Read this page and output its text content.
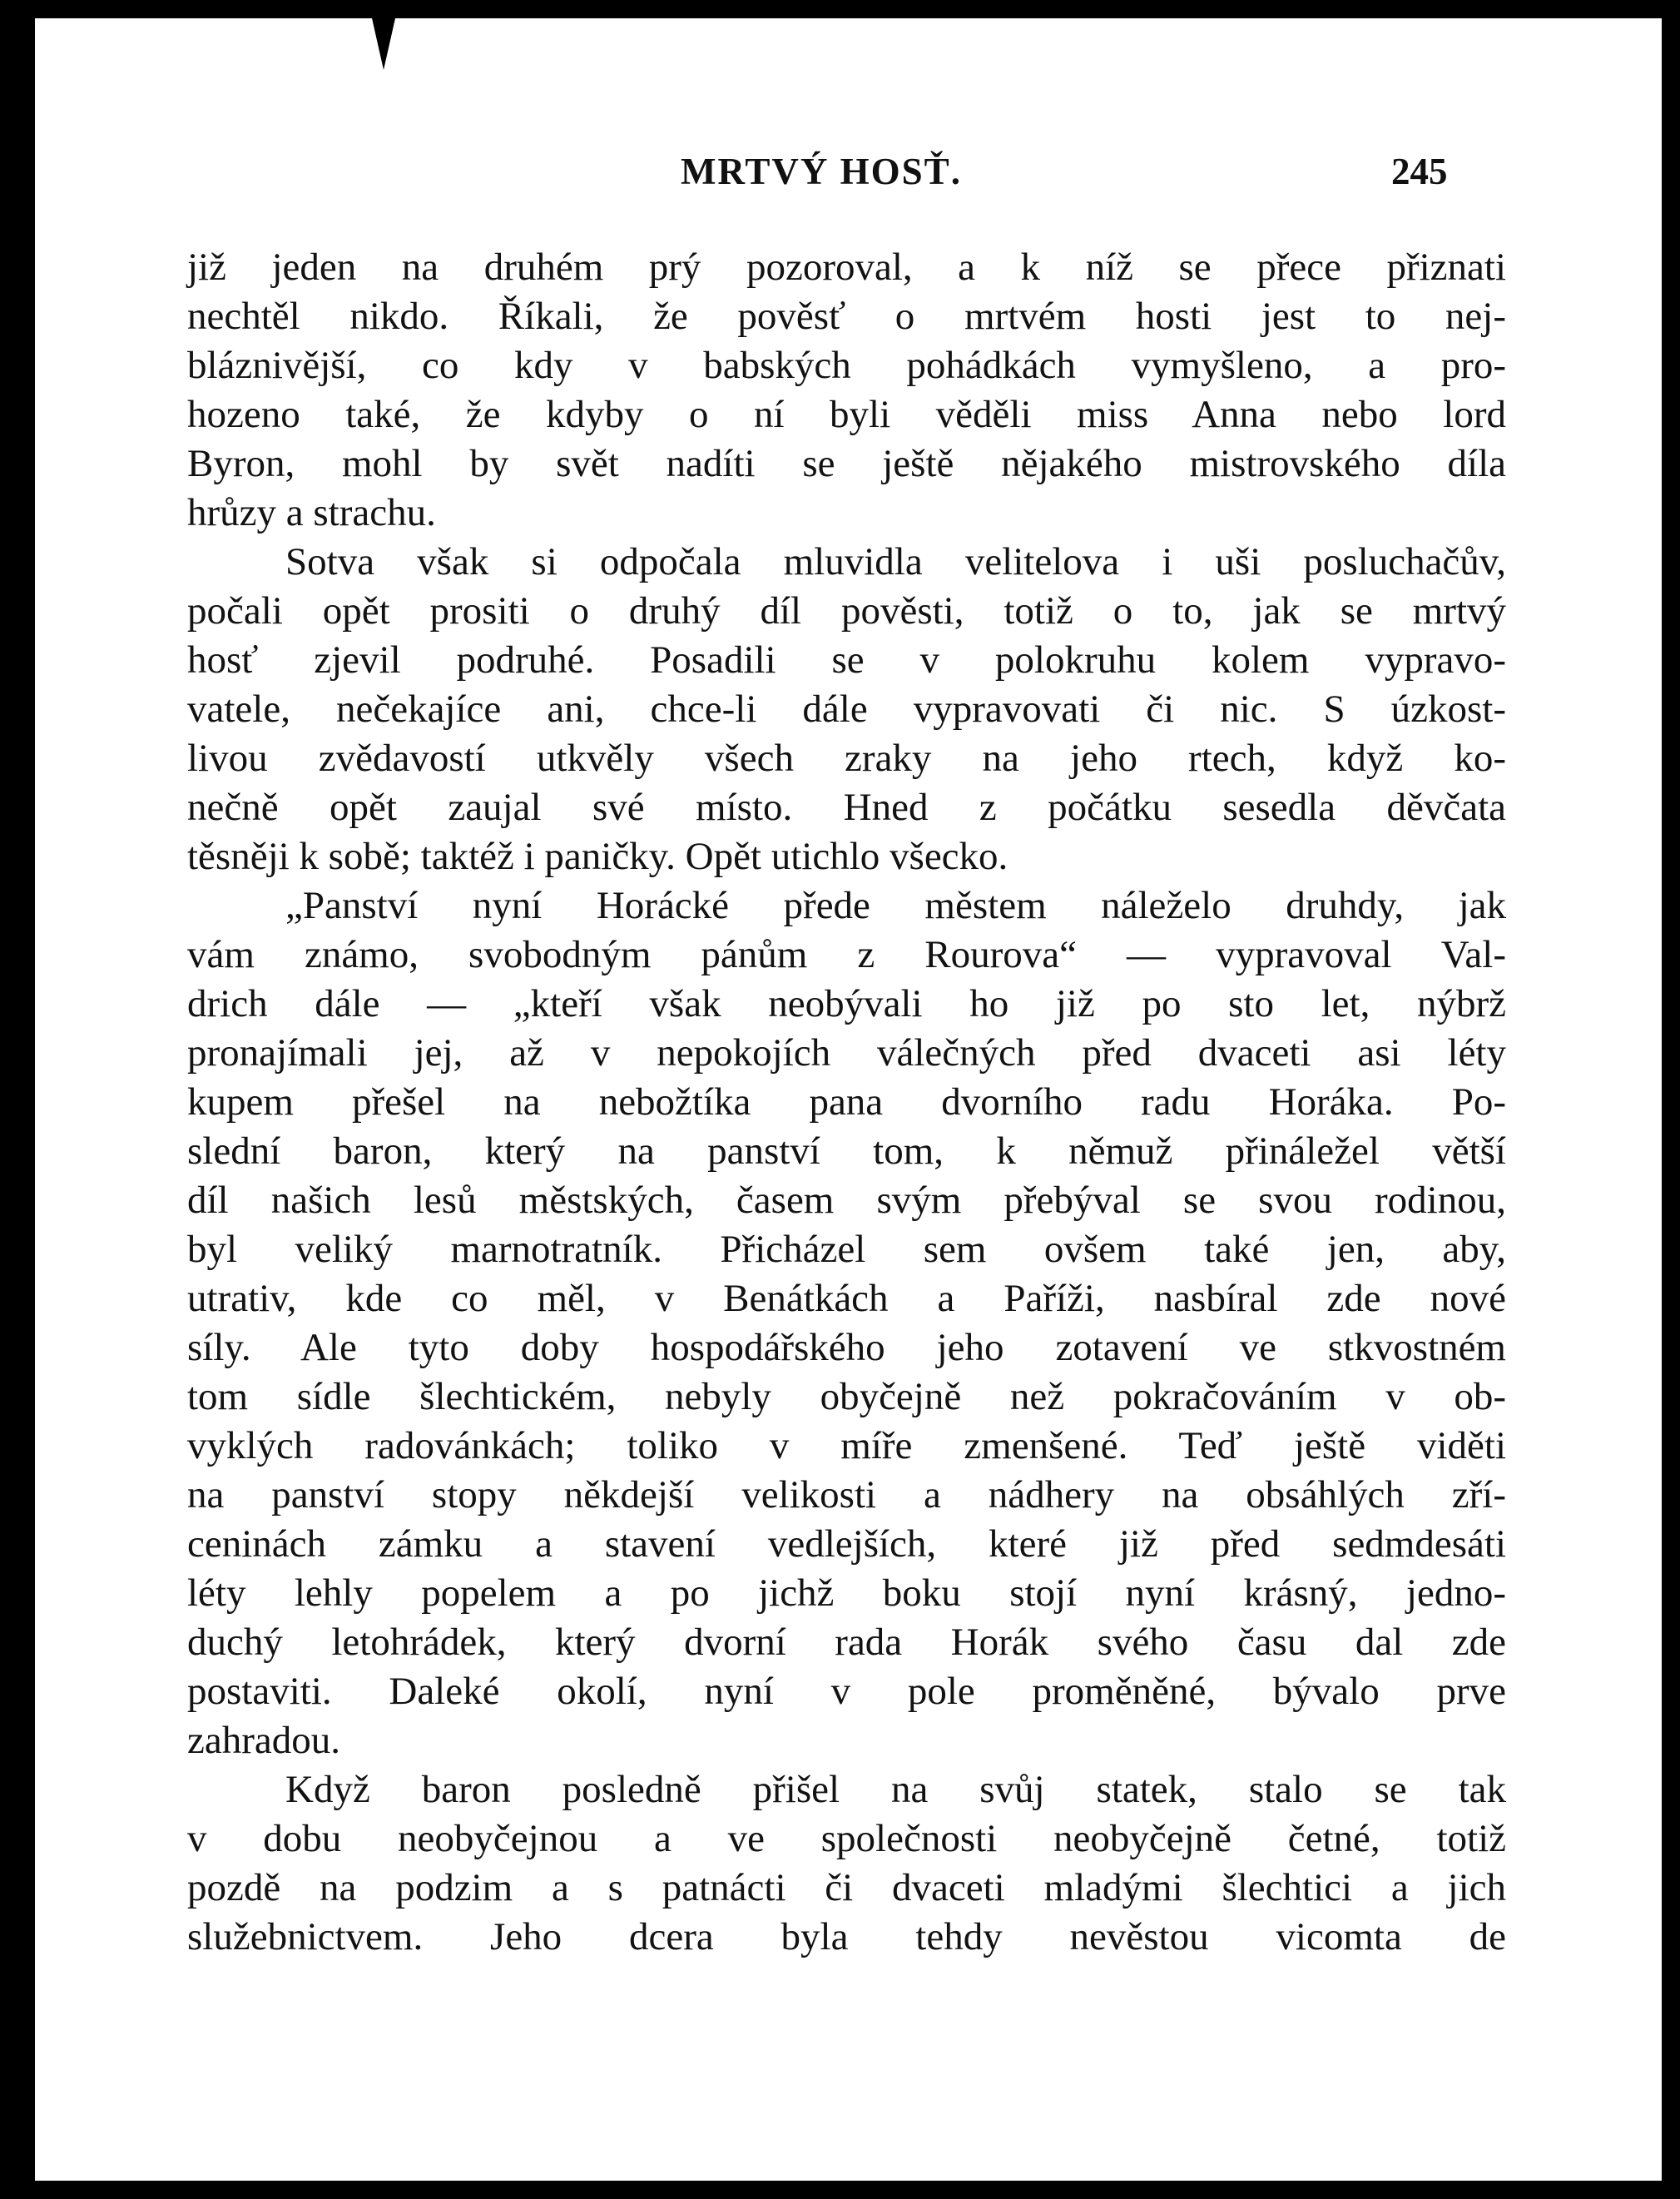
MRTVÝ HOSŤ.	245
již jeden na druhém prý pozoroval, a k níž se přece přiznati
nechtěl nikdo. Říkali, že pověsť o mrtvém hosti jest to nej-
bláznivější, co kdy v babských pohádkách vymyšleno, a pro-
hozeno také, že kdyby o ní byli věděli miss Anna nebo lord
Byron, mohl by svět nadíti se ještě nějakého mistrovského díla
hrůzy a strachu.
Sotva však si odpočala mluvidla velitelova i uši posluchačův,
počali opět prositi o druhý díl pověsti, totiž o to, jak se mrtvý
hosť zjevil podruhé. Posadili se v polokruhu kolem vypravo-
vatele, nečekajíce ani, chce-li dále vypravovati či nic. S úzkost-
livou zvědavostí utkvěly všech zraky na jeho rtech, když ko-
nečně opět zaujal své místo. Hned z počátku sesedla děvčata
těsněji k sobě; taktéž i paničky. Opět utichlo všecko.
„Panství nyní Horácké přede městem náleželo druhdy, jak
vám známo, svobodným pánům z Rourova“ — vypravoval Val-
drich dále — „kteří však neobývali ho již po sto let, nýbrž
pronajímali jej, až v nepokojích válečných před dvaceti asi léty
kupem přešel na nebožtíka pana dvorního radu Horáka. Po-
slední baron, který na panství tom, k němuž přináležel větší
díl našich lesů městských, časem svým přebýval se svou rodinou,
byl veliký marnotratník. Přicházel sem ovšem také jen, aby,
utrativ, kde co měl, v Benátkách a Paříži, nasbíral zde nové
síly. Ale tyto doby hospodářského jeho zotavení ve stkvostném
tom sídle šlechtickém, nebyly obyčejně než pokračováním v ob-
vyklých radovánkách; toliko v míře zmenšené. Teď ještě viděti
na panství stopy někdejší velikosti a nádhery na obsáhlých zří-
ceninách zámku a stavení vedlejších, které již před sedmdesáti
léty lehly popelem a po jichž boku stojí nyní krásný, jedno-
duchý letohrádek, který dvorní rada Horák svého času dal zde
postaviti. Daleké okolí, nyní v pole proměněné, bývalo prve
zahradou.
Když baron posledně přišel na svůj statek, stalo se tak
v dobu neobyčejnou a ve společnosti neobyčejně četné, totiž
pozdě na podzim a s patnácti či dvaceti mladými šlechtici a jich
služebnictvem. Jeho dcera byla tehdy nevěstou vicomta de
